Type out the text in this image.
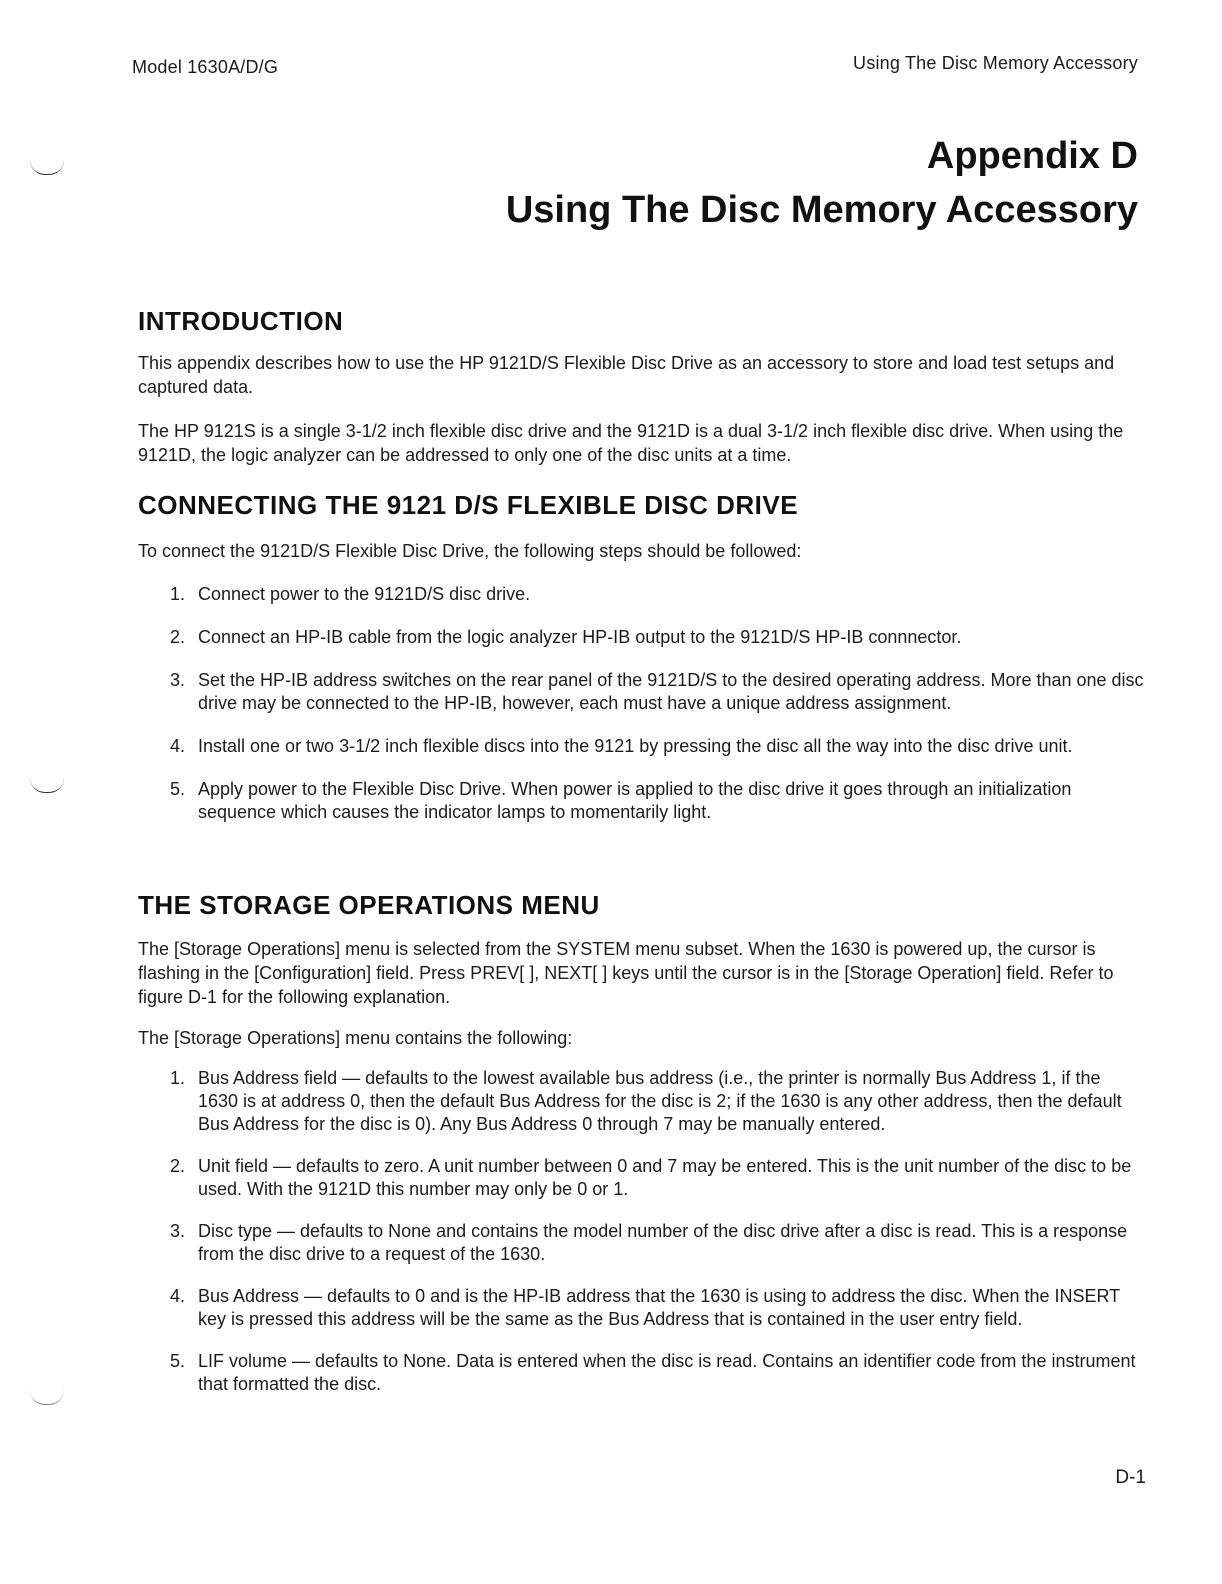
Model 1630A/D/G	Using The Disc Memory Accessory
Appendix D
Using The Disc Memory Accessory
INTRODUCTION

This appendix describes how to use the HP 9121D/S Flexible Disc Drive as an accessory to store and load test setups and captured data.

The HP 9121S is a single 3-1/2 inch flexible disc drive and the 9121D is a dual 3-1/2 inch flexible disc drive. When using the 9121D, the logic analyzer can be addressed to only one of the disc units at a time.

CONNECTING THE 9121 D/S FLEXIBLE DISC DRIVE

To connect the 9121D/S Flexible Disc Drive, the following steps should be followed:

1. Connect power to the 9121D/S disc drive.
2. Connect an HP-IB cable from the logic analyzer HP-IB output to the 9121D/S HP-IB connnector.
3. Set the HP-IB address switches on the rear panel of the 9121D/S to the desired operating address. More than one disc drive may be connected to the HP-IB, however, each must have a unique address assignment.
4. Install one or two 3-1/2 inch flexible discs into the 9121 by pressing the disc all the way into the disc drive unit.
5. Apply power to the Flexible Disc Drive. When power is applied to the disc drive it goes through an initialization sequence which causes the indicator lamps to momentarily light.
THE STORAGE OPERATIONS MENU

The [Storage Operations] menu is selected from the SYSTEM menu subset. When the 1630 is powered up, the cursor is flashing in the [Configuration] field. Press PREV[ ], NEXT[ ] keys until the cursor is in the [Storage Operation] field. Refer to figure D-1 for the following explanation.

The [Storage Operations] menu contains the following:

1. Bus Address field — defaults to the lowest available bus address (i.e., the printer is normally Bus Address 1, if the 1630 is at address 0, then the default Bus Address for the disc is 2; if the 1630 is any other address, then the default Bus Address for the disc is 0). Any Bus Address 0 through 7 may be manually entered.
2. Unit field — defaults to zero. A unit number between 0 and 7 may be entered. This is the unit number of the disc to be used. With the 9121D this number may only be 0 or 1.
3. Disc type — defaults to None and contains the model number of the disc drive after a disc is read. This is a response from the disc drive to a request of the 1630.
4. Bus Address — defaults to 0 and is the HP-IB address that the 1630 is using to address the disc. When the INSERT key is pressed this address will be the same as the Bus Address that is contained in the user entry field.
5. LIF volume — defaults to None. Data is entered when the disc is read. Contains an identifier code from the instrument that formatted the disc.
D-1
